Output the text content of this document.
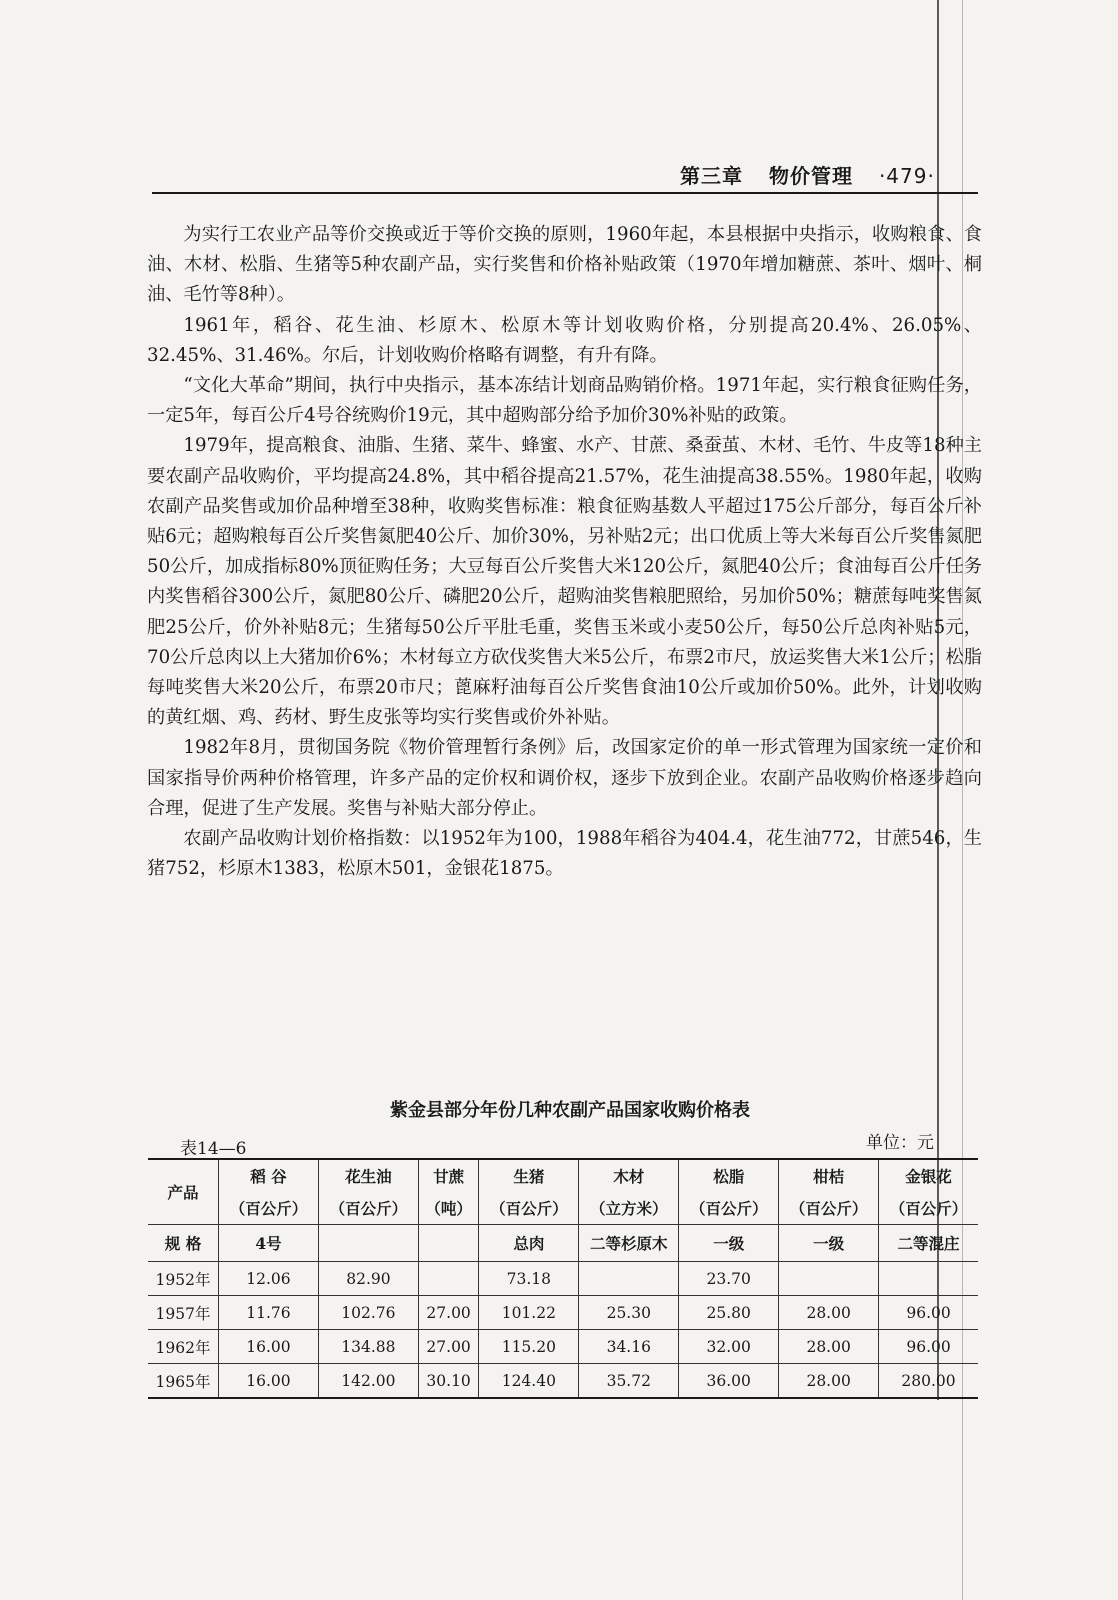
第三章 物价管理 ·479·

为实行工农业产品等价交换或近于等价交换的原则，1960年起，本县根据中央指示，收购粮食、食油、木材、松脂、生猪等5种农副产品，实行奖售和价格补贴政策（1970年增加糖蔗、茶叶、烟叶、桐油、毛竹等8种）。

1961年，稻谷、花生油、杉原木、松原木等计划收购价格，分别提高20.4%、26.05%、32.45%、31.46%。尔后，计划收购价格略有调整，有升有降。

“文化大革命”期间，执行中央指示，基本冻结计划商品购销价格。1971年起，实行粮食征购任务，一定5年，每百公斤4号谷统购价19元，其中超购部分给予加价30%补贴的政策。

1979年，提高粮食、油脂、生猪、菜牛、蜂蜜、水产、甘蔗、桑蚕茧、木材、毛竹、牛皮等18种主要农副产品收购价，平均提高24.8%，其中稻谷提高21.57%，花生油提高38.55%。1980年起，收购农副产品奖售或加价品种增至38种，收购奖售标准：粮食征购基数人平超过175公斤部分，每百公斤补贴6元；超购粮每百公斤奖售氮肥40公斤、加价30%，另补贴2元；出口优质上等大米每百公斤奖售氮肥50公斤，加成指标80%顶征购任务；大豆每百公斤奖售大米120公斤，氮肥40公斤；食油每百公斤任务内奖售稻谷300公斤，氮肥80公斤、磷肥20公斤，超购油奖售粮肥照给，另加价50%；糖蔗每吨奖售氮肥25公斤，价外补贴8元；生猪每50公斤平肚毛重，奖售玉米或小麦50公斤，每50公斤总肉补贴5元，70公斤总肉以上大猪加价6%；木材每立方砍伐奖售大米5公斤，布票2市尺，放运奖售大米1公斤；松脂每吨奖售大米20公斤，布票20市尺；蓖麻籽油每百公斤奖售食油10公斤或加价50%。此外，计划收购的黄红烟、鸡、药材、野生皮张等均实行奖售或价外补贴。

1982年8月，贯彻国务院《物价管理暂行条例》后，改国家定价的单一形式管理为国家统一定价和国家指导价两种价格管理，许多产品的定价权和调价权，逐步下放到企业。农副产品收购价格逐步趋向合理，促进了生产发展。奖售与补贴大部分停止。

农副产品收购计划价格指数：以1952年为100，1988年稻谷为404.4，花生油772，甘蔗546，生猪752，杉原木1383，松原木501，金银花1875。

紫金县部分年份几种农副产品国家收购价格表
表14—6	单位：元
产品	稻 谷	花生油	甘蔗	生猪	木材	松脂	柑桔	金银花
	（百公斤）	（百公斤）	（吨）	（百公斤）	（立方米）	（百公斤）	（百公斤）	（百公斤）
规 格	4号			总肉	二等杉原木	一级	一级	二等混庄
1952年	12.06	82.90		73.18		23.70		
1957年	11.76	102.76	27.00	101.22	25.30	25.80	28.00	96.00
1962年	16.00	134.88	27.00	115.20	34.16	32.00	28.00	96.00
1965年	16.00	142.00	30.10	124.40	35.72	36.00	28.00	280.00
